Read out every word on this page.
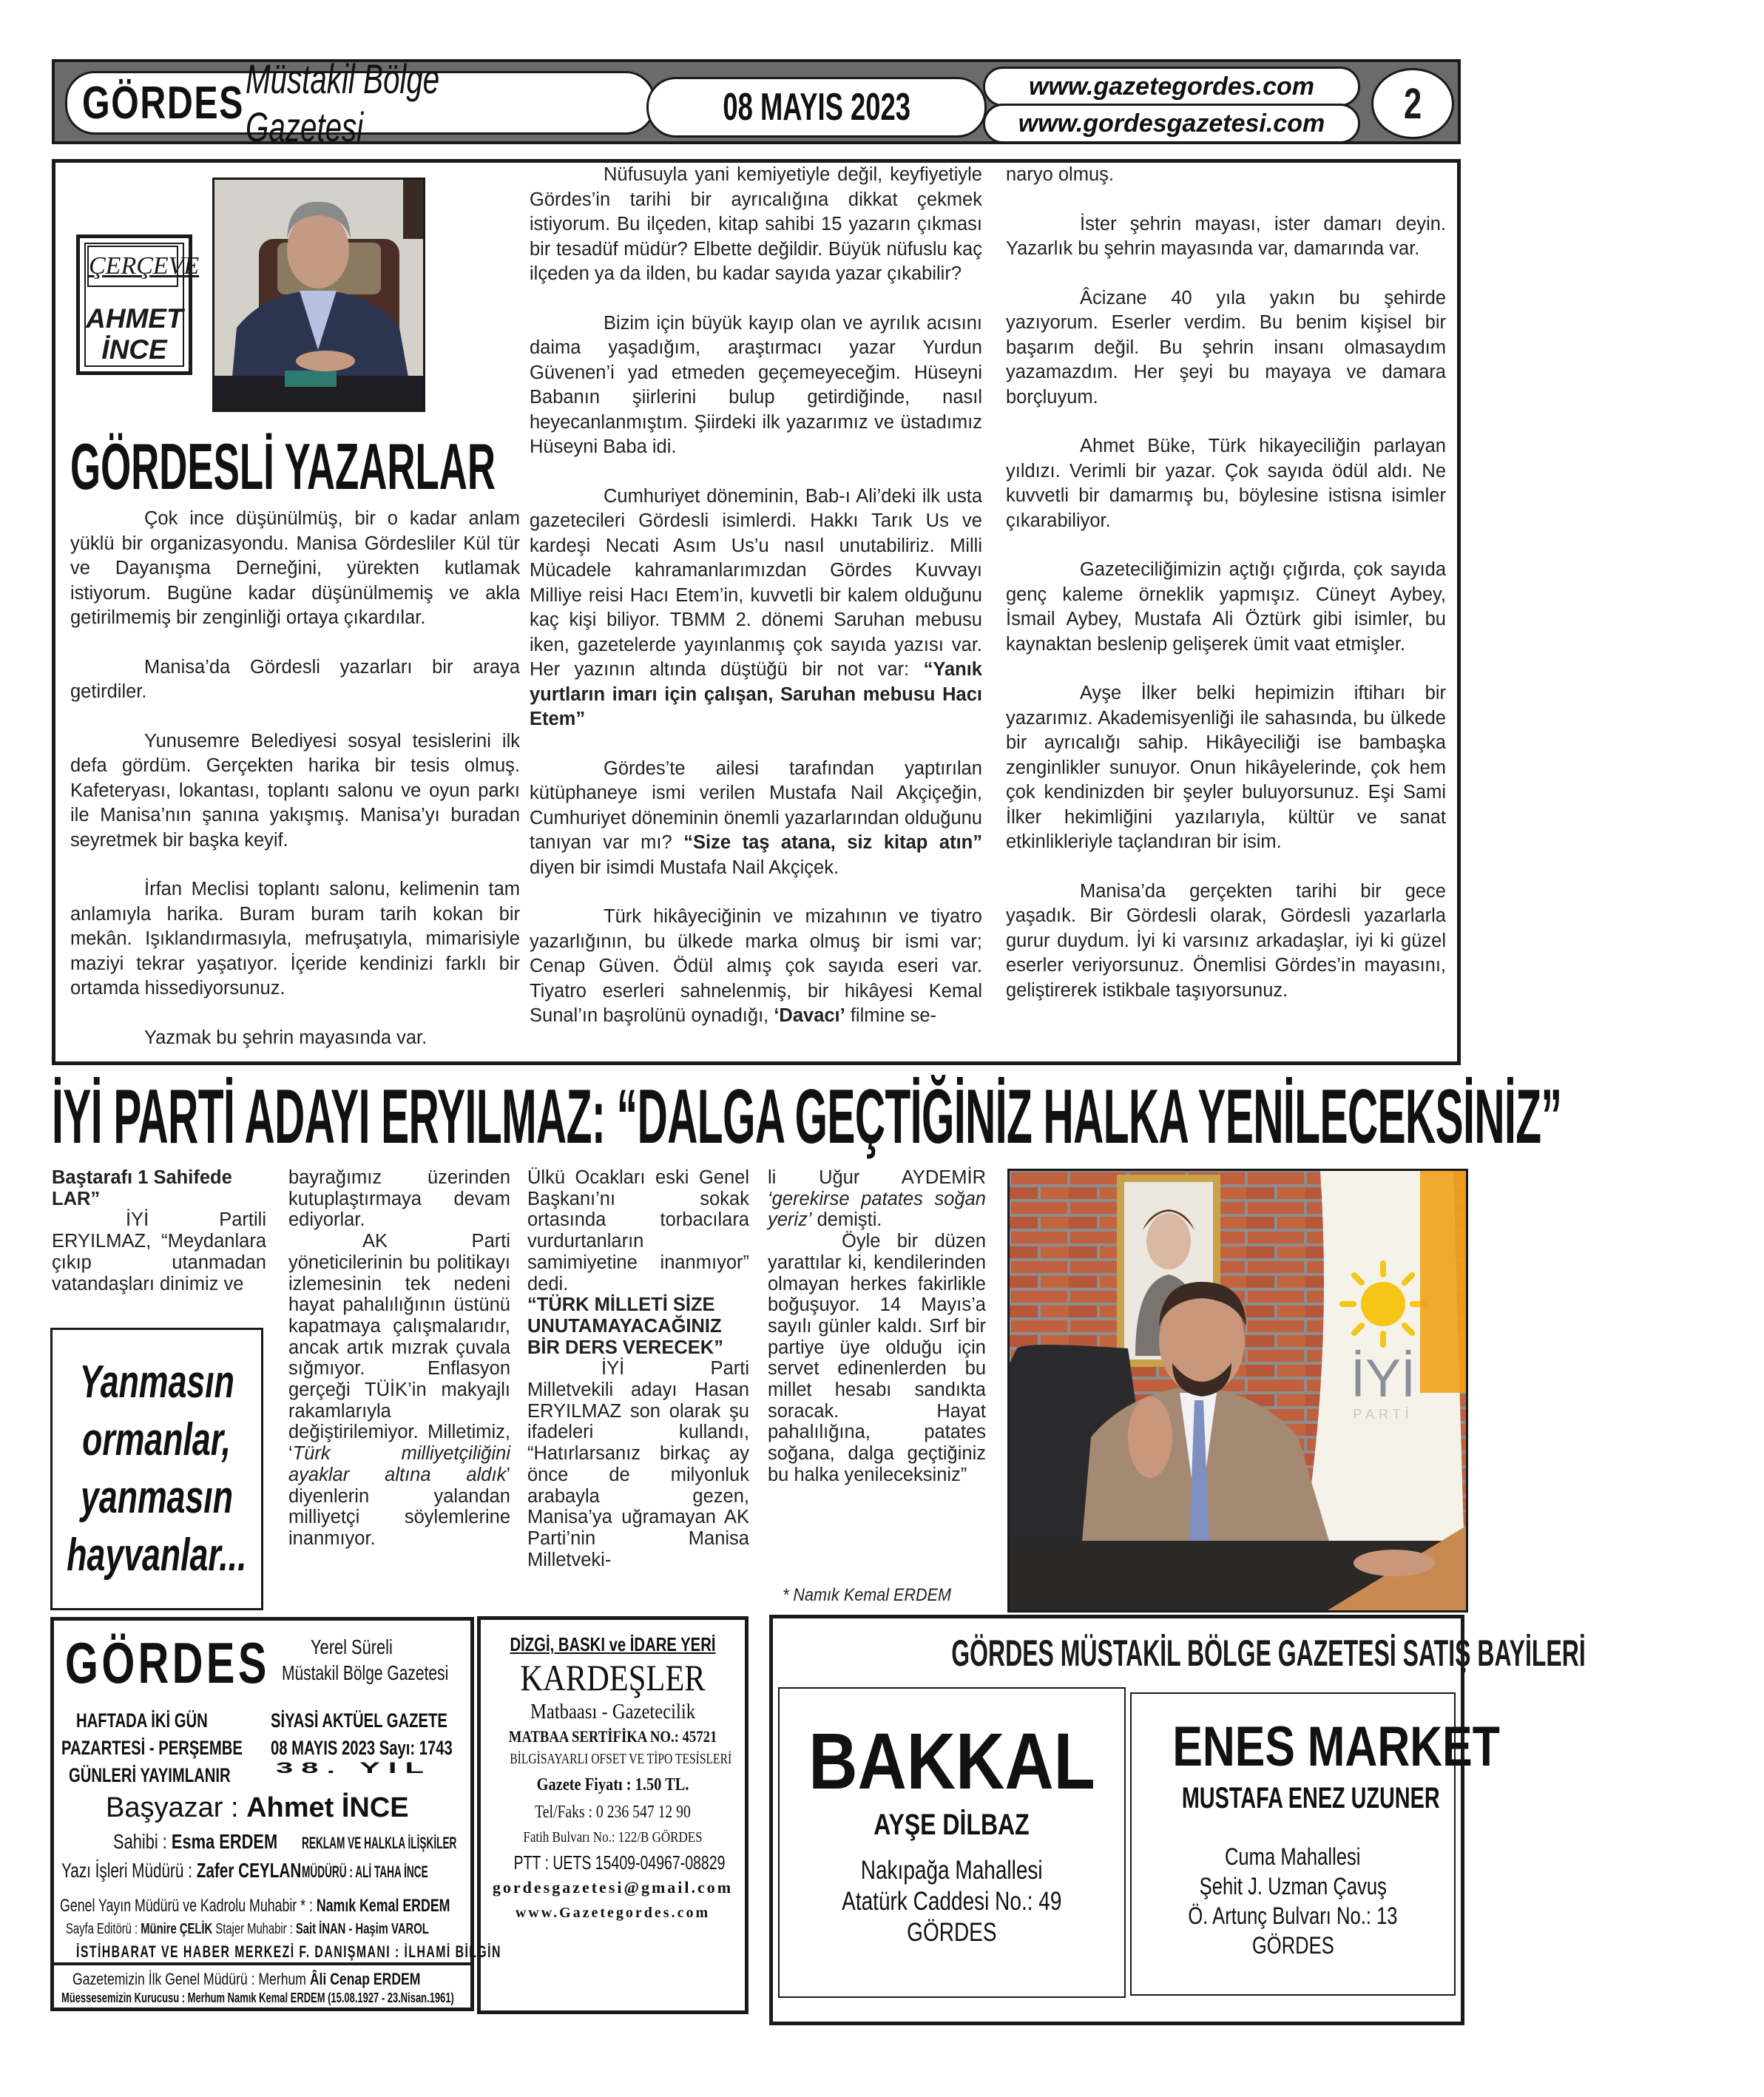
GÖRDES Müstakil Bölge Gazetesi	08 MAYIS 2023	www.gazetegordes.com
www.gordesgazetesi.com 2
ÇERÇEVE
AHMET
İNCE
GÖRDESLİ YAZARLAR

Çok ince düşünülmüş, bir o kadar anlam yüklü bir organizasyondu. Manisa Gördesliler Kül tür ve Dayanışma Derneğini, yürekten kutlamak istiyorum. Bugüne kadar düşünülmemiş ve akla getirilmemiş bir zenginliği ortaya çıkardılar.

Manisa’da Gördesli yazarları bir araya getirdiler.

Yunusemre Belediyesi sosyal tesislerini ilk defa gördüm. Gerçekten harika bir tesis olmuş. Kafeteryası, lokantası, toplantı salonu ve oyun parkı ile Manisa’nın şanına yakışmış. Manisa’yı buradan seyretmek bir başka keyif.

İrfan Meclisi toplantı salonu, kelimenin tam anlamıyla harika. Buram buram tarih kokan bir mekân. Işıklandırmasıyla, mefruşatıyla, mimarisiyle maziyi tekrar yaşatıyor. İçeride kendinizi farklı bir ortamda hissediyorsunuz.

Yazmak bu şehrin mayasında var.

Nüfusuyla yani kemiyetiyle değil, keyfiyetiyle Gördes’in tarihi bir ayrıcalığına dikkat çekmek istiyorum. Bu ilçeden, kitap sahibi 15 yazarın çıkması bir tesadüf müdür? Elbette değildir. Büyük nüfuslu kaç ilçeden ya da ilden, bu kadar sayıda yazar çıkabilir?

Bizim için büyük kayıp olan ve ayrılık acısını daima yaşadığım, araştırmacı yazar Yurdun Güvenen’i yad etmeden geçemeyeceğim. Hüseyni Babanın şiirlerini bulup getirdiğinde, nasıl heyecanlanmıştım. Şiirdeki ilk yazarımız ve üstadımız Hüseyni Baba idi.

Cumhuriyet döneminin, Bab-ı Ali’deki ilk usta gazetecileri Gördesli isimlerdi. Hakkı Tarık Us ve kardeşi Necati Asım Us’u nasıl unutabiliriz. Milli Mücadele kahramanlarımızdan Gördes Kuvvayı Milliye reisi Hacı Etem’in, kuvvetli bir kalem olduğunu kaç kişi biliyor. TBMM 2. dönemi Saruhan mebusu iken, gazetelerde yayınlanmış çok sayıda yazısı var. Her yazının altında düştüğü bir not var: “Yanık yurtların imarı için çalışan, Saruhan mebusu Hacı Etem”

Gördes’te ailesi tarafından yaptırılan kütüphaneye ismi verilen Mustafa Nail Akçiçeğin, Cumhuriyet döneminin önemli yazarlarından olduğunu tanıyan var mı? “Size taş atana, siz kitap atın” diyen bir isimdi Mustafa Nail Akçiçek.

Türk hikâyeciğinin ve mizahının ve tiyatro yazarlığının, bu ülkede marka olmuş bir ismi var; Cenap Güven. Ödül almış çok sayıda eseri var. Tiyatro eserleri sahnelenmiş, bir hikâyesi Kemal Sunal’ın başrolünü oynadığı, ‘Davacı’ filmine se-

naryo olmuş.

İster şehrin mayası, ister damarı deyin. Yazarlık bu şehrin mayasında var, damarında var.

Âcizane 40 yıla yakın bu şehirde yazıyorum. Eserler verdim. Bu benim kişisel bir başarım değil. Bu şehrin insanı olmasaydım yazamazdım. Her şeyi bu mayaya ve damara borçluyum.

Ahmet Büke, Türk hikayeciliğin parlayan yıldızı. Verimli bir yazar. Çok sayıda ödül aldı. Ne kuvvetli bir damarmış bu, böylesine istisna isimler çıkarabiliyor.

Gazeteciliğimizin açtığı çığırda, çok sayıda genç kaleme örneklik yapmışız. Cüneyt Aybey, İsmail Aybey, Mustafa Ali Öztürk gibi isimler, bu kaynaktan beslenip gelişerek ümit vaat etmişler.

Ayşe İlker belki hepimizin iftiharı bir yazarımız. Akademisyenliği ile sahasında, bu ülkede bir ayrıcalığı sahip. Hikâyeciliği ise bambaşka zenginlikler sunuyor. Onun hikâyelerinde, çok hem çok kendinizden bir şeyler buluyorsunuz. Eşi Sami İlker hekimliğini yazılarıyla, kültür ve sanat etkinlikleriyle taçlandıran bir isim.

Manisa’da gerçekten tarihi bir gece yaşadık. Bir Gördesli olarak, Gördesli yazarlarla gurur duydum. İyi ki varsınız arkadaşlar, iyi ki güzel eserler veriyorsunuz. Önemlisi Gördes’in mayasını, geliştirerek istikbale taşıyorsunuz.

İYİ PARTİ ADAYI ERYILMAZ: “DALGA GEÇTİĞİNİZ HALKA YENİLECEKSİNİZ”

Baştarafı 1 Sahifede

LAR”

İYİ Partili ERYILMAZ, “Meydanlara çıkıp utanmadan vatandaşları dinimiz ve

Yanmasın
ormanlar,
yanmasın
hayvanlar...

bayrağımız üzerinden kutuplaştırmaya devam ediyorlar.

AK Parti yöneticilerinin bu politikayı izlemesinin tek nedeni hayat pahalılığının üstünü kapatmaya çalışmalarıdır, ancak artık mızrak çuvala sığmıyor. Enflasyon gerçeği TÜİK’in makyajlı rakamlarıyla değiştirilemiyor. Milletimiz, ‘Türk milliyetçiliğini ayaklar altına aldık’ diyenlerin yalandan milliyetçi söylemlerine inanmıyor.

Ülkü Ocakları eski Genel Başkanı’nı sokak ortasında torbacılara vurdurtanların samimiyetine inanmıyor” dedi.

“TÜRK MİLLETİ SİZE UNUTAMAYACAĞINIZ BİR DERS VERECEK”

İYİ Parti Milletvekili adayı Hasan ERYILMAZ son olarak şu ifadeleri kullandı, “Hatırlarsanız birkaç ay önce de milyonluk arabayla gezen, Manisa’ya uğramayan AK Parti’nin Manisa Milletveki-

li Uğur AYDEMİR ‘gerekirse patates soğan yeriz’ demişti.

Öyle bir düzen yarattılar ki, kendilerinden olmayan herkes fakirlikle boğuşuyor. 14 Mayıs’a sayılı günler kaldı. Sırf bir partiye üye olduğu için servet edinenlerden bu millet hesabı sandıkta soracak. Hayat pahalılığına, patates soğana, dalga geçtiğiniz bu halka yenileceksiniz”

* Namık Kemal ERDEM
İYİ
PARTİ
GÖRDES Yerel Süreli
Müstakil Bölge Gazetesi
HAFTADA İKİ GÜN
PAZARTESİ - PERŞEMBE
GÜNLERİ YAYIMLANIR
SİYASİ AKTÜEL GAZETE
08 MAYIS 2023 Sayı: 1743
38. YIL
Başyazar : Ahmet İNCE
Sahibi : Esma ERDEM
Yazı İşleri Müdürü : Zafer CEYLAN
REKLAM VE HALKLA İLİŞKİLER
MÜDÜRÜ : ALİ TAHA İNCE
Genel Yayın Müdürü ve Kadrolu Muhabir * : Namık Kemal ERDEM
Sayfa Editörü : Münire ÇELİK Stajer Muhabir : Sait İNAN - Haşim VAROL
İSTİHBARAT VE HABER MERKEZİ F. DANIŞMANI : İLHAMİ BİLGİN
Gazetemizin İlk Genel Müdürü : Merhum Âli Cenap ERDEM
Müessesemizin Kurucusu : Merhum Namık Kemal ERDEM (15.08.1927 - 23.Nisan.1961)
DİZGİ, BASKI ve İDARE YERİ
KARDEŞLER
Matbaası - Gazetecilik
MATBAA SERTİFİKA NO.: 45721
BİLGİSAYARLI OFSET VE TİPO TESİSLERİ
Gazete Fiyatı : 1.50 TL.
Tel/Faks : 0 236 547 12 90
Fatih Bulvarı No.: 122/B GÖRDES
PTT : UETS 15409-04967-08829
gordesgazetesi@gmail.com
www.Gazetegordes.com
GÖRDES MÜSTAKİL BÖLGE GAZETESİ SATIŞ BAYİLERİ
BAKKAL
AYŞE DİLBAZ
Nakıpağa Mahallesi
Atatürk Caddesi No.: 49
GÖRDES
ENES MARKET
MUSTAFA ENEZ UZUNER
Cuma Mahallesi
Şehit J. Uzman Çavuş
Ö. Artunç Bulvarı No.: 13
GÖRDES
